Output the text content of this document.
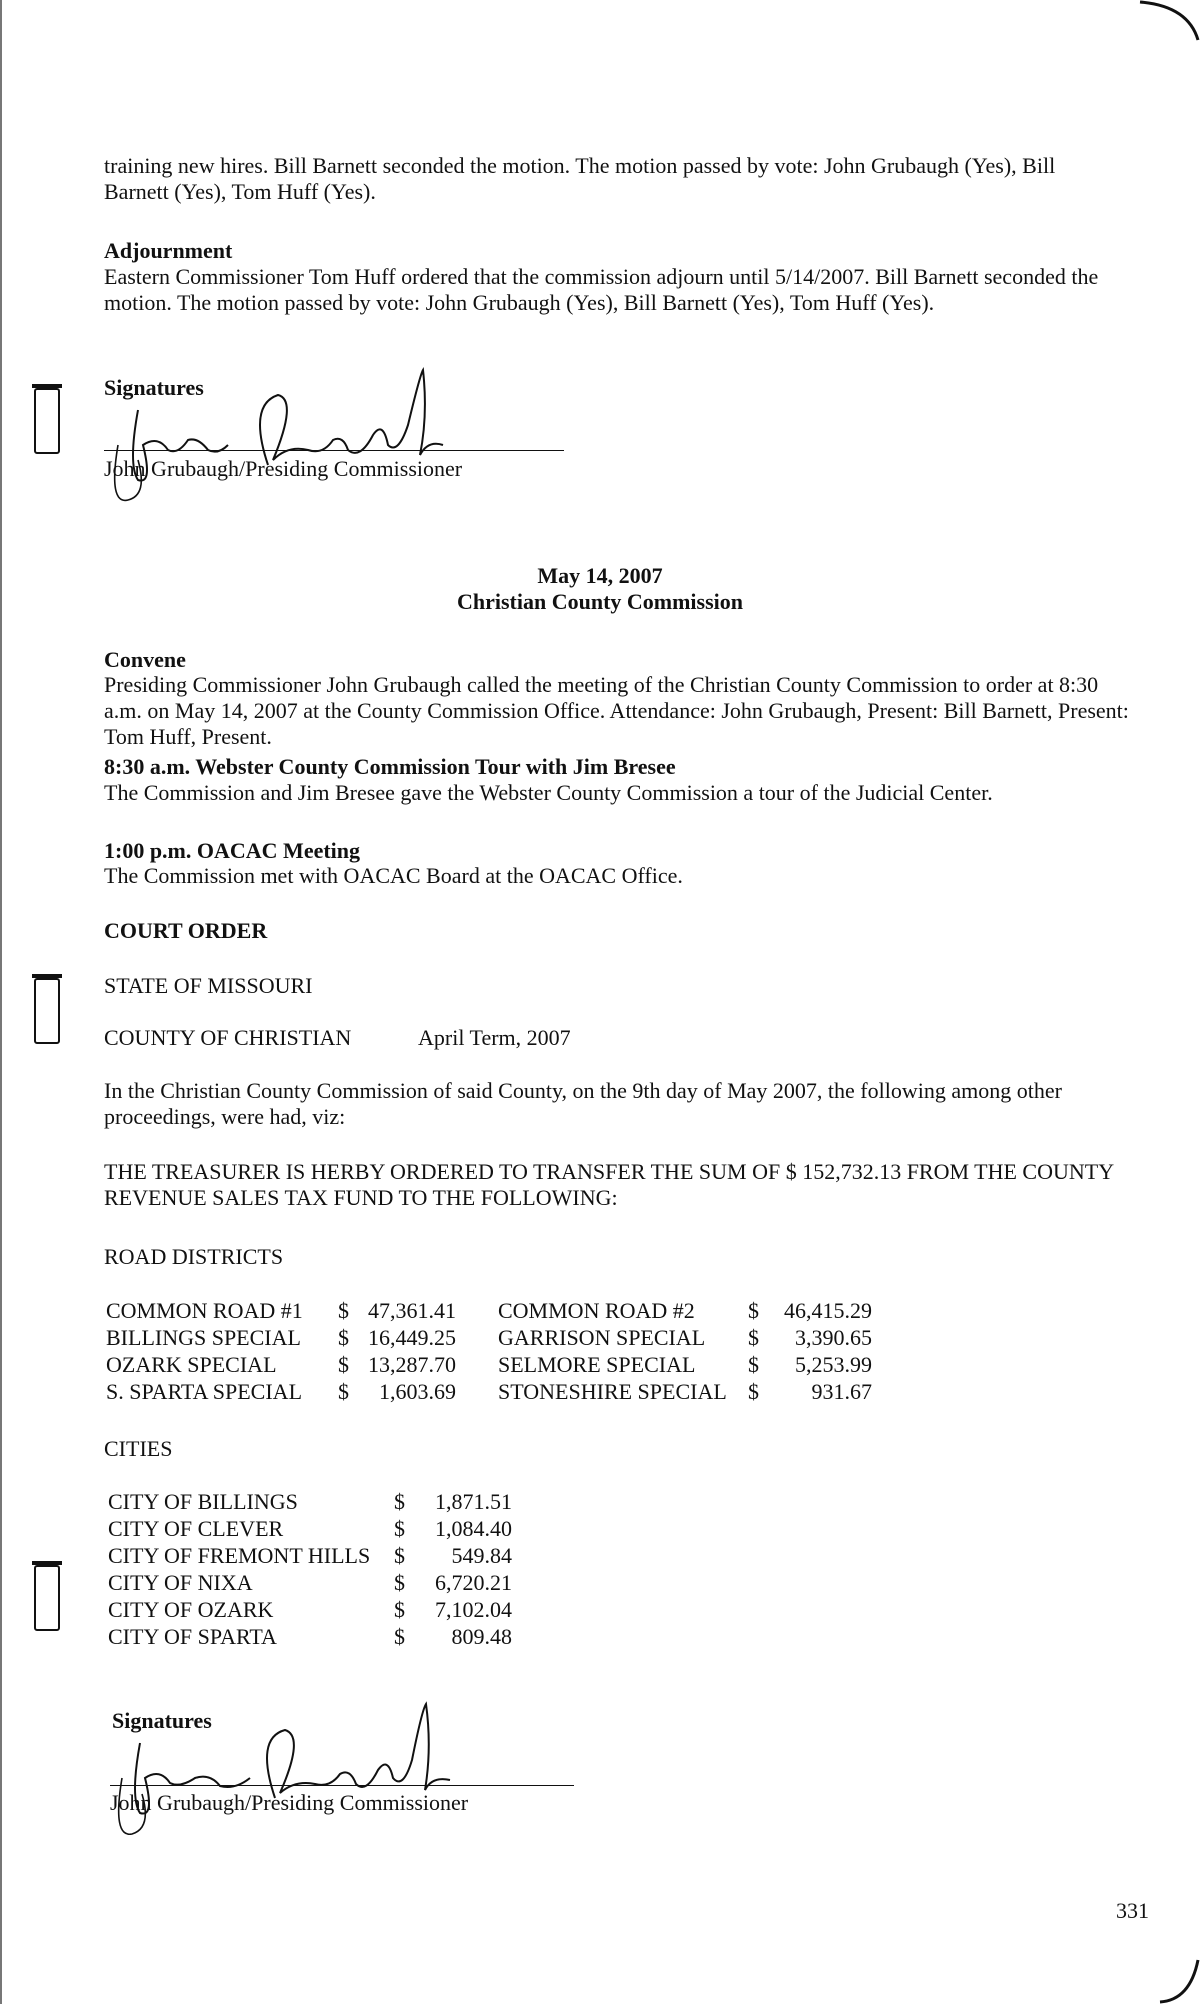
training new hires. Bill Barnett seconded the motion. The motion passed by vote: John Grubaugh (Yes), Bill Barnett (Yes), Tom Huff (Yes).
Adjournment
Eastern Commissioner Tom Huff ordered that the commission adjourn until 5/14/2007. Bill Barnett seconded the motion. The motion passed by vote: John Grubaugh (Yes), Bill Barnett (Yes), Tom Huff (Yes).
Signatures
John Grubaugh/Presiding Commissioner
May 14, 2007
Christian County Commission
Convene
Presiding Commissioner John Grubaugh called the meeting of the Christian County Commission to order at 8:30 a.m. on May 14, 2007 at the County Commission Office. Attendance: John Grubaugh, Present: Bill Barnett, Present: Tom Huff, Present.
8:30 a.m. Webster County Commission Tour with Jim Bresee
The Commission and Jim Bresee gave the Webster County Commission a tour of the Judicial Center.
1:00 p.m. OACAC Meeting
The Commission met with OACAC Board at the OACAC Office.
COURT ORDER
STATE OF MISSOURI
COUNTY OF CHRISTIAN	April Term, 2007
In the Christian County Commission of said County, on the 9th day of May 2007, the following among other proceedings, were had, viz:
THE TREASURER IS HERBY ORDERED TO TRANSFER THE SUM OF $ 152,732.13 FROM THE COUNTY REVENUE SALES TAX FUND TO THE FOLLOWING:
ROAD DISTRICTS
COMMON ROAD #1 $ 47,361.41 COMMON ROAD #2 $	46,415.29
BILLINGS SPECIAL $ 16,449.25 GARRISON SPECIAL $	3,390.65
OZARK SPECIAL	$ 13,287.70 SELMORE SPECIAL $	5,253.99
S. SPARTA SPECIAL $	1,603.69 STONESHIRE SPECIAL $	931.67
CITIES
CITY OF BILLINGS	$	1,871.51
CITY OF CLEVER	$	1,084.40
CITY OF FREMONT HILLS $	549.84
CITY OF NIXA	$	6,720.21
CITY OF OZARK	$	7,102.04
CITY OF SPARTA	$	809.48
Signatures
John Grubaugh/Presiding Commissioner
331
